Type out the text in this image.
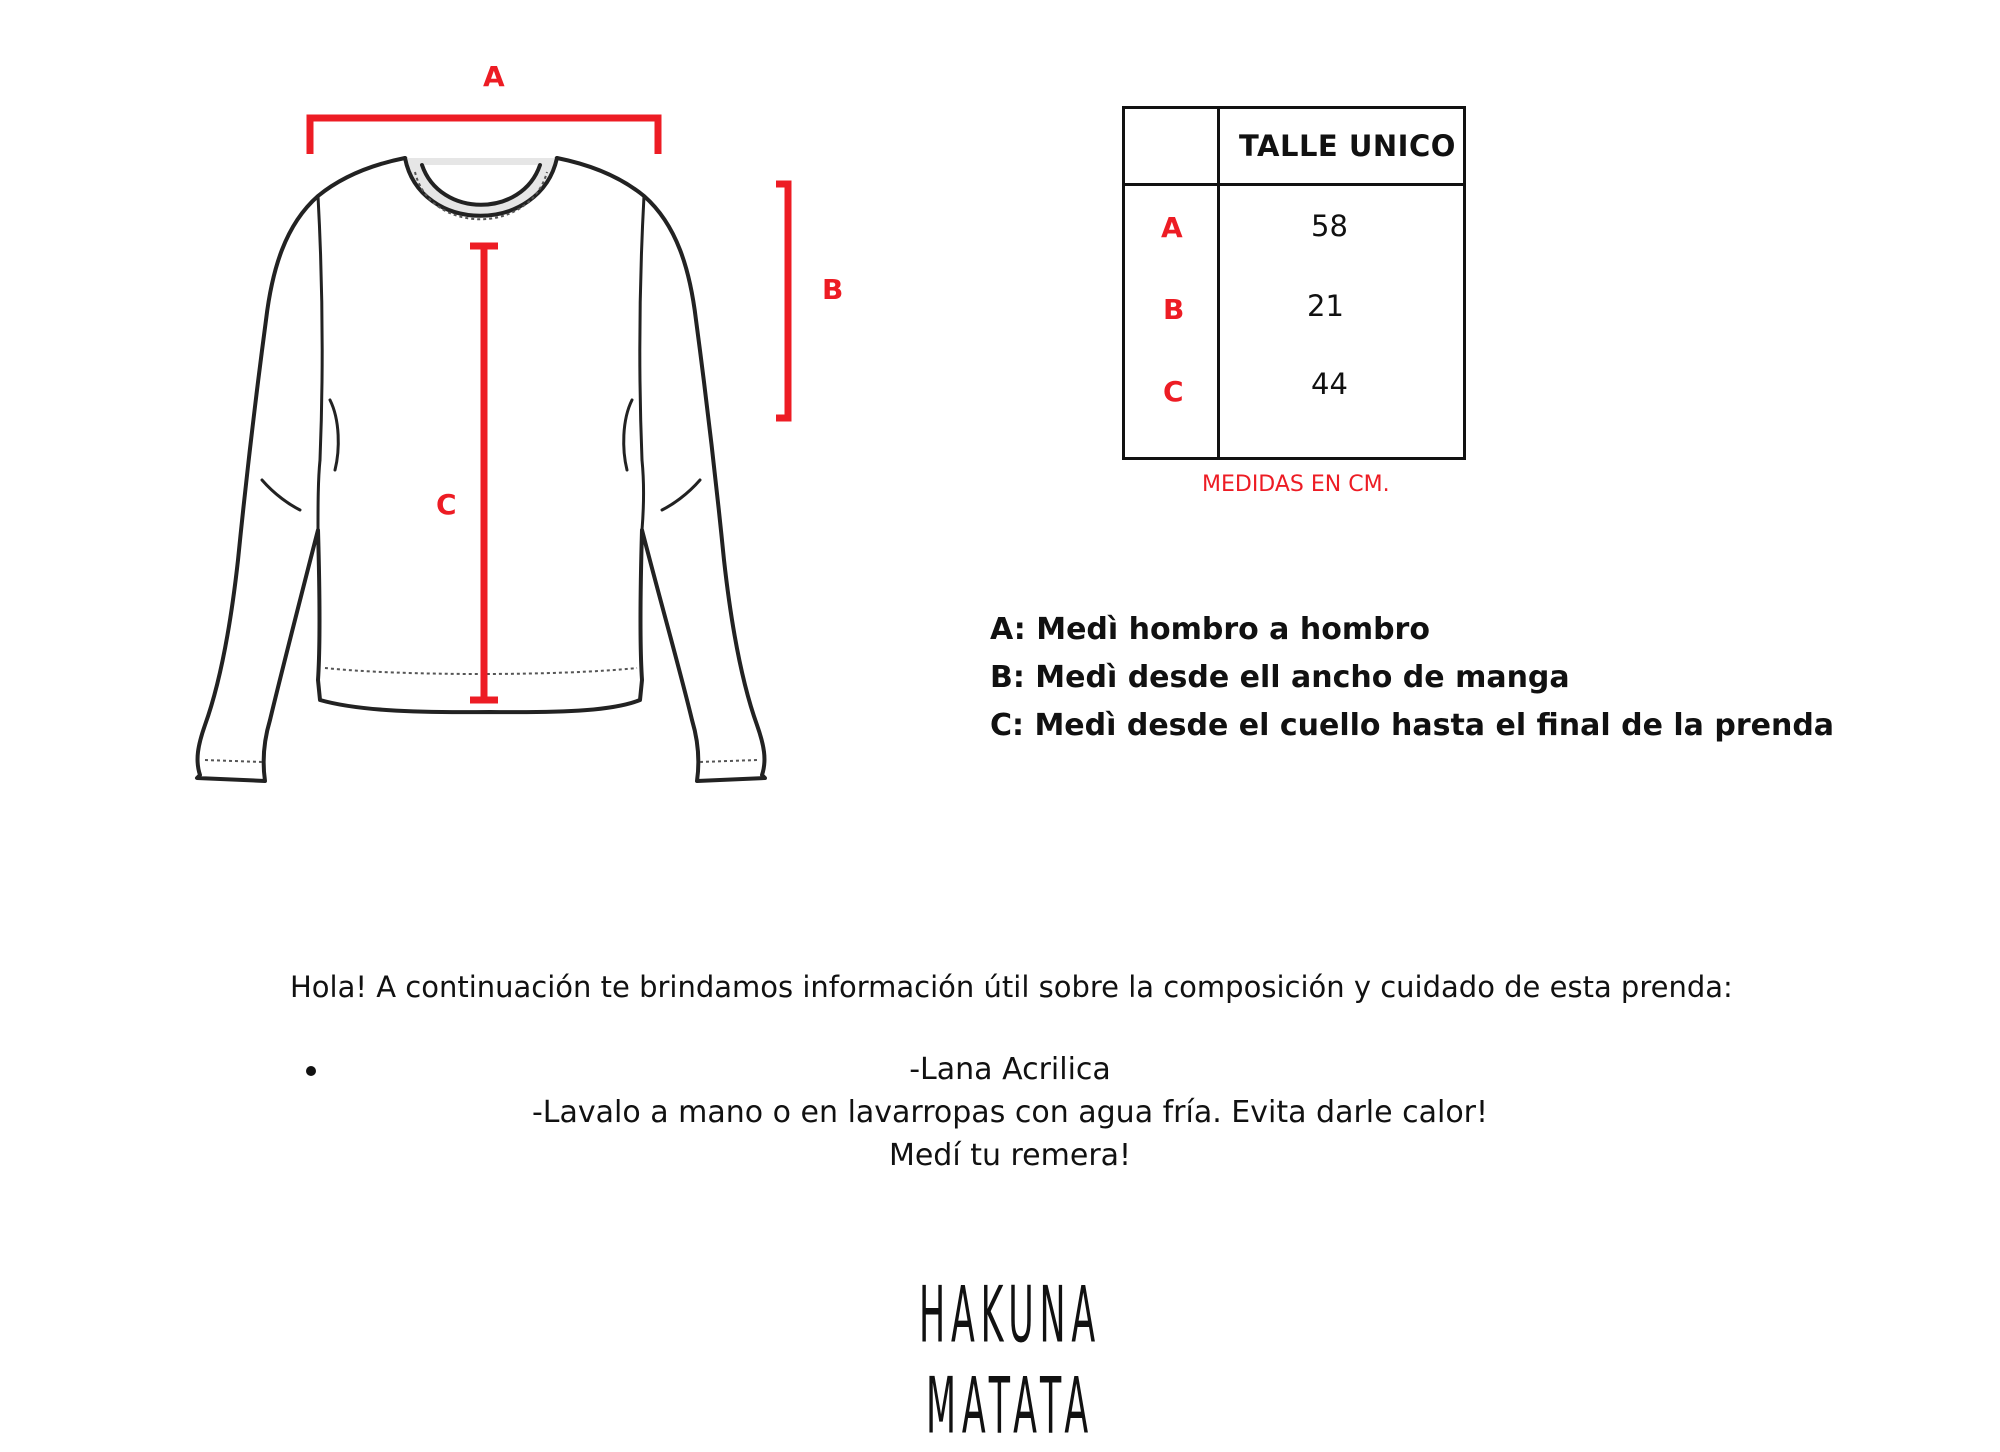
A
B
C
TALLE UNICO
A	58
B	21
C	44
MEDIDAS EN CM.
A: Medì hombro a hombro
B: Medì desde ell ancho de manga
C: Medì desde el cuello hasta el final de la prenda
Hola! A continuación te brindamos información útil sobre la composición y cuidado de esta prenda:
-Lana Acrilica
-Lavalo a mano o en lavarropas con agua fría. Evita darle calor!
Medí tu remera!
HAKUNA MATATA
